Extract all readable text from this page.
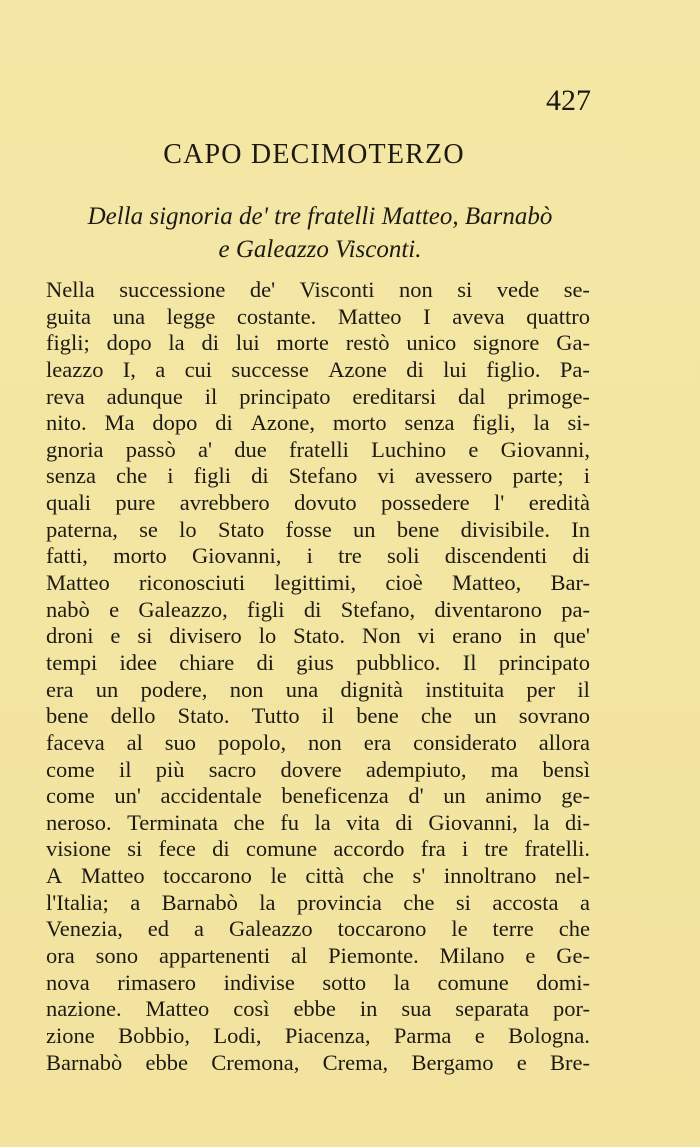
427
CAPO DECIMOTERZO
Della signoria de' tre fratelli Matteo, Barnabò
e Galeazzo Visconti.
Nella successione de' Visconti non si vede se-
guita una legge costante. Matteo I aveva quattro
figli; dopo la di lui morte restò unico signore Ga-
leazzo I, a cui successe Azone di lui figlio. Pa-
reva adunque il principato ereditarsi dal primoge-
nito. Ma dopo di Azone, morto senza figli, la si-
gnoria passò a' due fratelli Luchino e Giovanni,
senza che i figli di Stefano vi avessero parte; i
quali pure avrebbero dovuto possedere l' eredità
paterna, se lo Stato fosse un bene divisibile. In
fatti, morto Giovanni, i tre soli discendenti di
Matteo riconosciuti legittimi, cioè Matteo, Bar-
nabò e Galeazzo, figli di Stefano, diventarono pa-
droni e si divisero lo Stato. Non vi erano in que'
tempi idee chiare di gius pubblico. Il principato
era un podere, non una dignità instituita per il
bene dello Stato. Tutto il bene che un sovrano
faceva al suo popolo, non era considerato allora
come il più sacro dovere adempiuto, ma bensì
come un' accidentale beneficenza d' un animo ge-
neroso. Terminata che fu la vita di Giovanni, la di-
visione si fece di comune accordo fra i tre fratelli.
A Matteo toccarono le città che s' innoltrano nel-
l'Italia; a Barnabò la provincia che si accosta a
Venezia, ed a Galeazzo toccarono le terre che
ora sono appartenenti al Piemonte. Milano e Ge-
nova rimasero indivise sotto la comune domi-
nazione. Matteo così ebbe in sua separata por-
zione Bobbio, Lodi, Piacenza, Parma e Bologna.
Barnabò ebbe Cremona, Crema, Bergamo e Bre-
